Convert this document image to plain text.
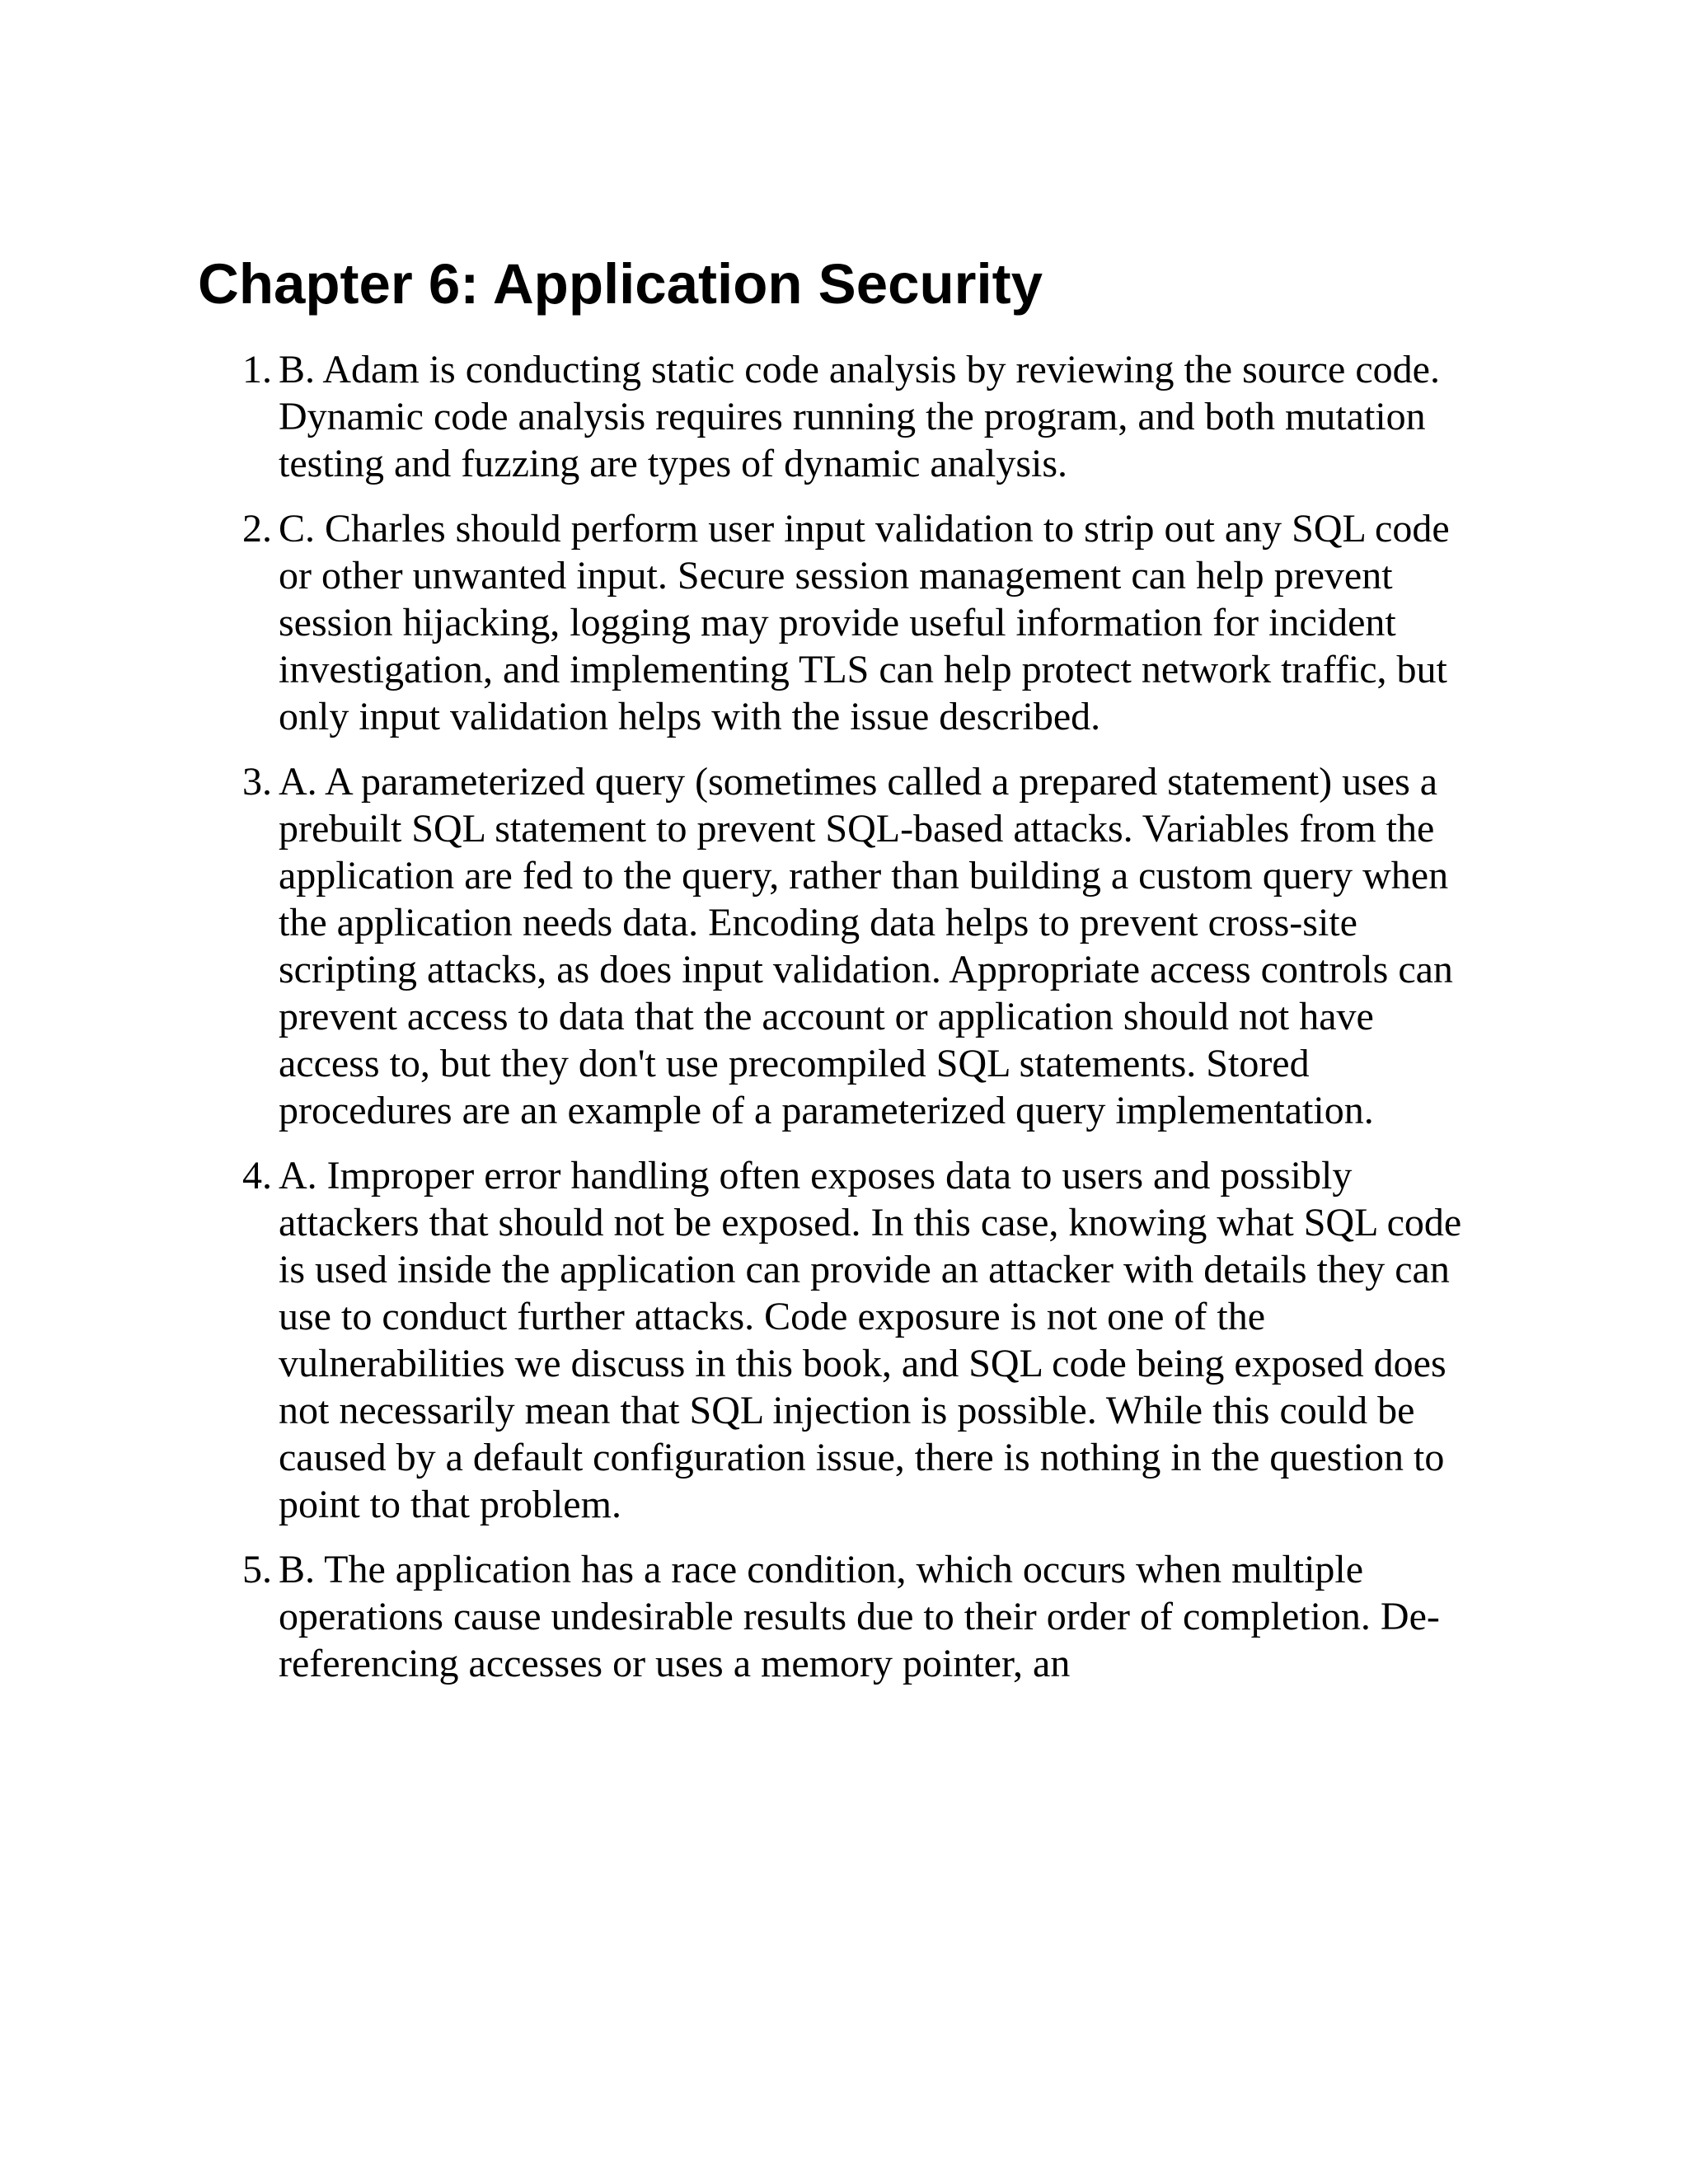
Chapter 6: Application Security
1. B. Adam is conducting static code analysis by reviewing the source code. Dynamic code analysis requires running the program, and both mutation testing and fuzzing are types of dynamic analysis.
2. C. Charles should perform user input validation to strip out any SQL code or other unwanted input. Secure session management can help prevent session hijacking, logging may provide useful information for incident investigation, and implementing TLS can help protect network traffic, but only input validation helps with the issue described.
3. A. A parameterized query (sometimes called a prepared statement) uses a prebuilt SQL statement to prevent SQL-based attacks. Variables from the application are fed to the query, rather than building a custom query when the application needs data. Encoding data helps to prevent cross-site scripting attacks, as does input validation. Appropriate access controls can prevent access to data that the account or application should not have access to, but they don't use precompiled SQL statements. Stored procedures are an example of a parameterized query implementation.
4. A. Improper error handling often exposes data to users and possibly attackers that should not be exposed. In this case, knowing what SQL code is used inside the application can provide an attacker with details they can use to conduct further attacks. Code exposure is not one of the vulnerabilities we discuss in this book, and SQL code being exposed does not necessarily mean that SQL injection is possible. While this could be caused by a default configuration issue, there is nothing in the question to point to that problem.
5. B. The application has a race condition, which occurs when multiple operations cause undesirable results due to their order of completion. De-referencing accesses or uses a memory pointer, an
